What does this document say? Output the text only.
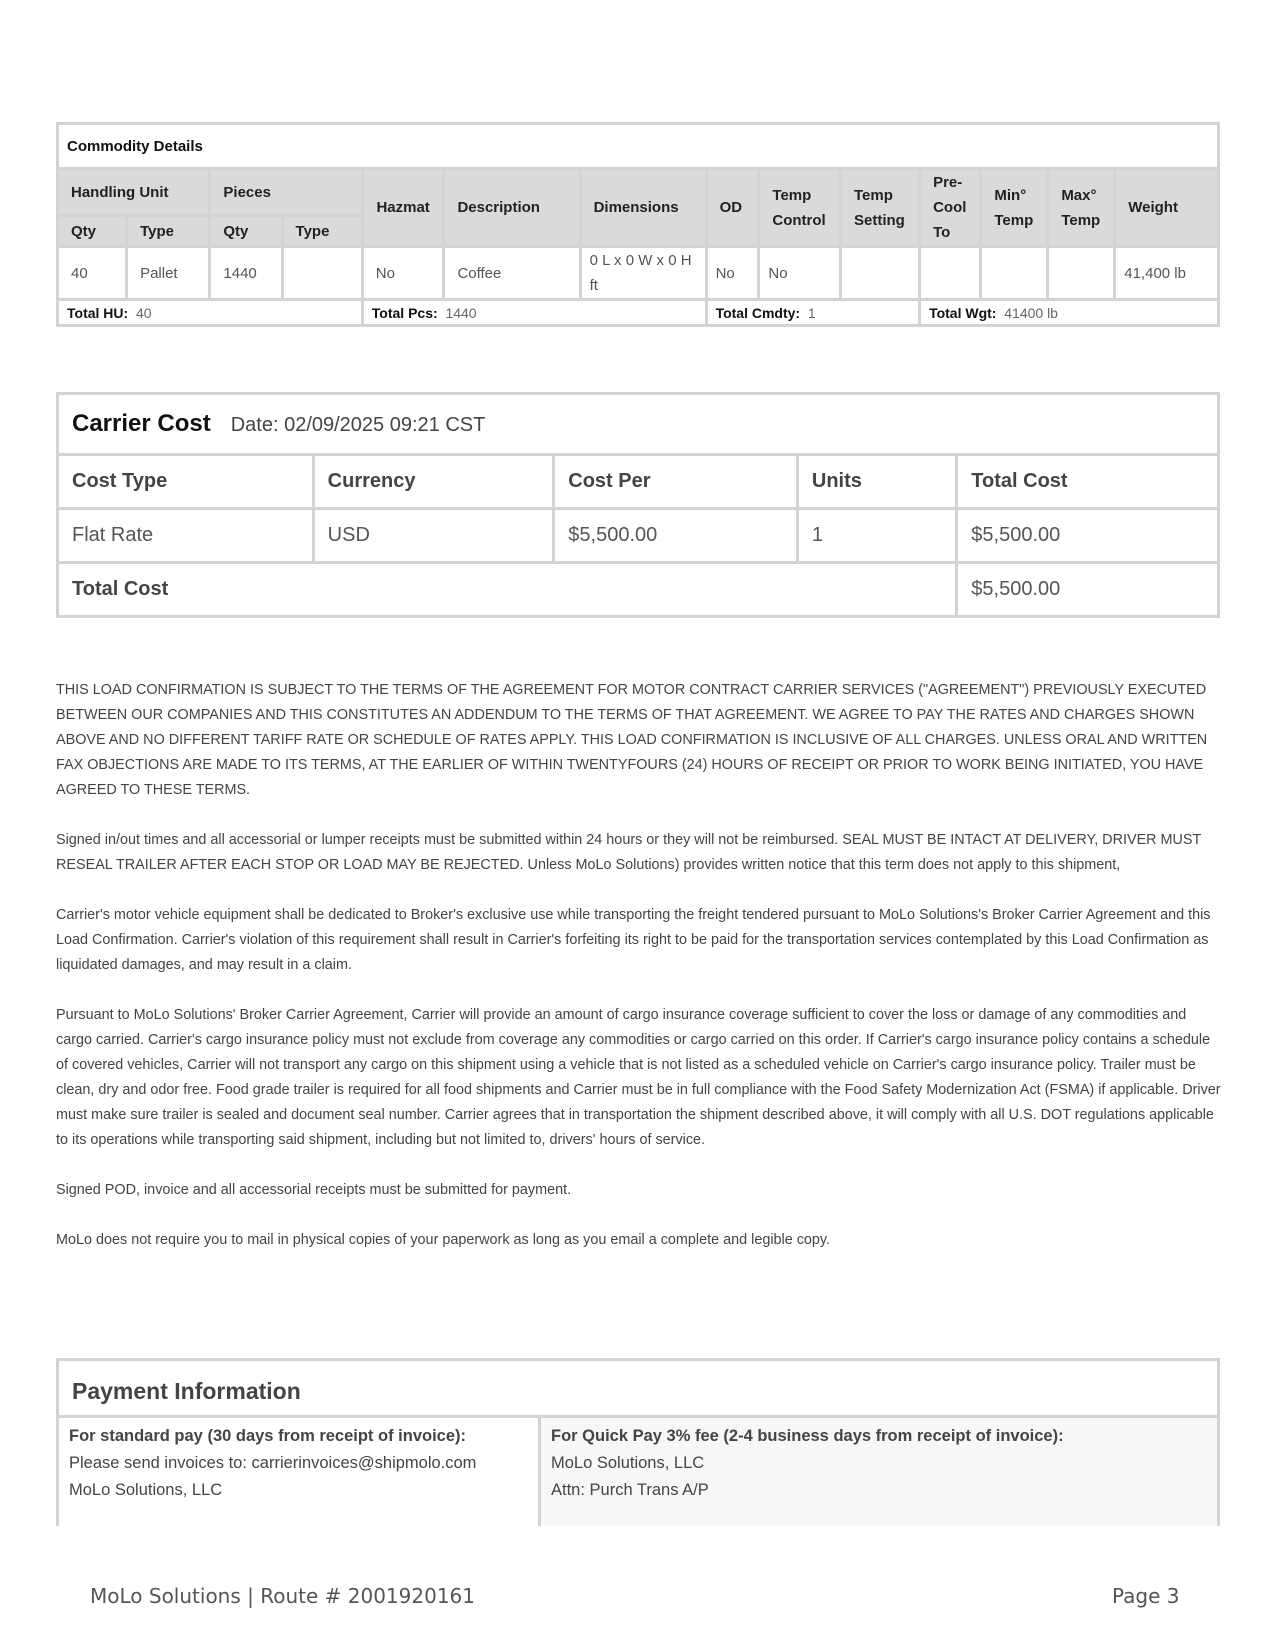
Commodity Details													
Handling Unit		Pieces		Hazmat	Description	Dimensions	OD	Temp Control	Temp Setting	Pre-Cool To	Min° Temp	Max° Temp	Weight
Qty	Type	Qty	Type										
40	Pallet	1440		No	Coffee	0 L x 0 W x 0 H ft	No	No					41,400 lb
Total HU: 40				Total Pcs: 1440			Total Cmdty: 1			Total Wgt: 41400 lb			
Carrier Cost Date: 02/09/2025 09:21 CST				
Cost Type	Currency	Cost Per	Units	Total Cost
Flat Rate	USD	$5,500.00	1	$5,500.00
Total Cost				$5,500.00

THIS LOAD CONFIRMATION IS SUBJECT TO THE TERMS OF THE AGREEMENT FOR MOTOR CONTRACT CARRIER SERVICES ("AGREEMENT") PREVIOUSLY EXECUTED BETWEEN OUR COMPANIES AND THIS CONSTITUTES AN ADDENDUM TO THE TERMS OF THAT AGREEMENT. WE AGREE TO PAY THE RATES AND CHARGES SHOWN ABOVE AND NO DIFFERENT TARIFF RATE OR SCHEDULE OF RATES APPLY. THIS LOAD CONFIRMATION IS INCLUSIVE OF ALL CHARGES. UNLESS ORAL AND WRITTEN FAX OBJECTIONS ARE MADE TO ITS TERMS, AT THE EARLIER OF WITHIN TWENTYFOURS (24) HOURS OF RECEIPT OR PRIOR TO WORK BEING INITIATED, YOU HAVE AGREED TO THESE TERMS.

Signed in/out times and all accessorial or lumper receipts must be submitted within 24 hours or they will not be reimbursed. SEAL MUST BE INTACT AT DELIVERY, DRIVER MUST RESEAL TRAILER AFTER EACH STOP OR LOAD MAY BE REJECTED. Unless MoLo Solutions) provides written notice that this term does not apply to this shipment,

Carrier's motor vehicle equipment shall be dedicated to Broker's exclusive use while transporting the freight tendered pursuant to MoLo Solutions's Broker Carrier Agreement and this Load Confirmation. Carrier's violation of this requirement shall result in Carrier's forfeiting its right to be paid for the transportation services contemplated by this Load Confirmation as liquidated damages, and may result in a claim.

Pursuant to MoLo Solutions' Broker Carrier Agreement, Carrier will provide an amount of cargo insurance coverage sufficient to cover the loss or damage of any commodities and cargo carried. Carrier's cargo insurance policy must not exclude from coverage any commodities or cargo carried on this order. If Carrier's cargo insurance policy contains a schedule of covered vehicles, Carrier will not transport any cargo on this shipment using a vehicle that is not listed as a scheduled vehicle on Carrier's cargo insurance policy. Trailer must be clean, dry and odor free. Food grade trailer is required for all food shipments and Carrier must be in full compliance with the Food Safety Modernization Act (FSMA) if applicable. Driver must make sure trailer is sealed and document seal number. Carrier agrees that in transportation the shipment described above, it will comply with all U.S. DOT regulations applicable to its operations while transporting said shipment, including but not limited to, drivers' hours of service.

Signed POD, invoice and all accessorial receipts must be submitted for payment.

MoLo does not require you to mail in physical copies of your paperwork as long as you email a complete and legible copy.

Payment Information
For standard pay (30 days from receipt of invoice):
Please send invoices to: carrierinvoices@shipmolo.com
MoLo Solutions, LLC
For Quick Pay 3% fee (2-4 business days from receipt of invoice):
MoLo Solutions, LLC
Attn: Purch Trans A/P
MoLo Solutions | Route # 2001920161	Page 3
